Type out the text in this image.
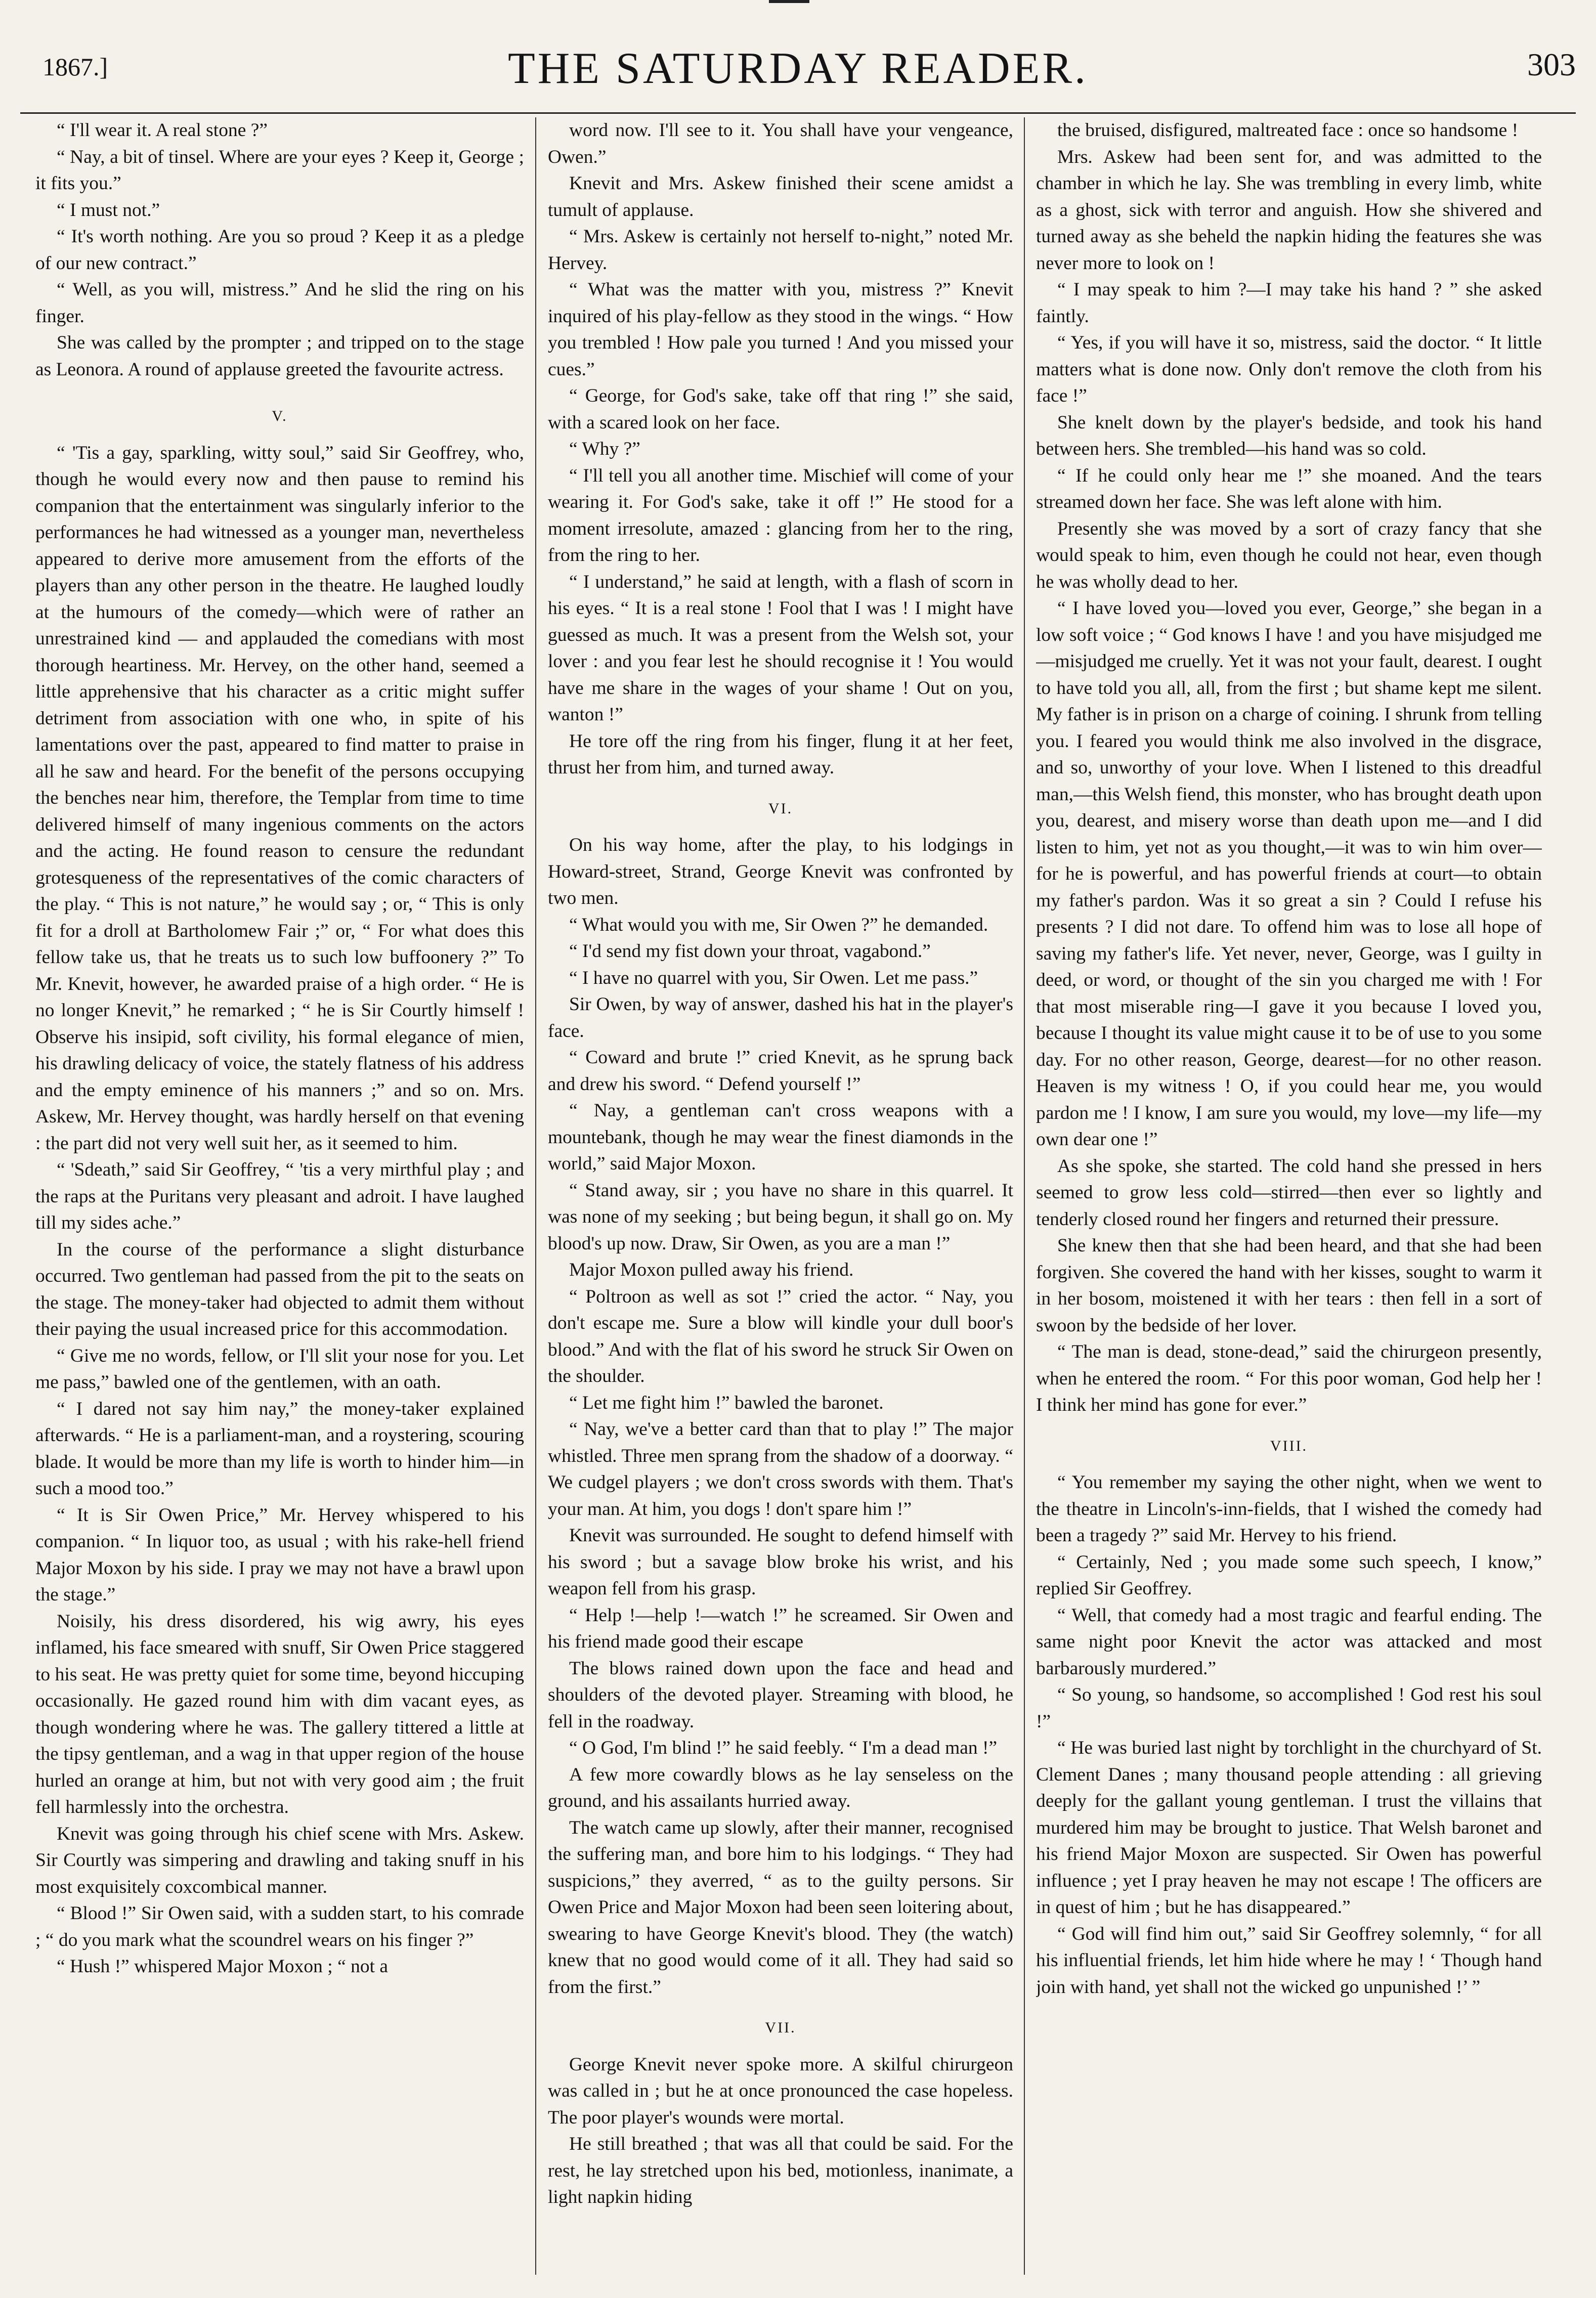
1867.]	THE SATURDAY READER.	303

“ I'll wear it. A real stone ?”

“ Nay, a bit of tinsel. Where are your eyes ? Keep it, George ; it fits you.”

“ I must not.”

“ It's worth nothing. Are you so proud ? Keep it as a pledge of our new contract.”

“ Well, as you will, mistress.” And he slid the ring on his finger.

She was called by the prompter ; and tripped on to the stage as Leonora. A round of applause greeted the favourite actress.

V.

“ 'Tis a gay, sparkling, witty soul,” said Sir Geoffrey, who, though he would every now and then pause to remind his companion that the entertainment was singularly inferior to the performances he had witnessed as a younger man, nevertheless appeared to derive more amusement from the efforts of the players than any other person in the theatre. He laughed loudly at the humours of the comedy—which were of rather an unrestrained kind — and applauded the comedians with most thorough heartiness. Mr. Hervey, on the other hand, seemed a little apprehensive that his character as a critic might suffer detriment from association with one who, in spite of his lamentations over the past, appeared to find matter to praise in all he saw and heard. For the benefit of the persons occupying the benches near him, therefore, the Templar from time to time delivered himself of many ingenious comments on the actors and the acting. He found reason to censure the redundant grotesqueness of the representatives of the comic characters of the play. “ This is not nature,” he would say ; or, “ This is only fit for a droll at Bartholomew Fair ;” or, “ For what does this fellow take us, that he treats us to such low buffoonery ?” To Mr. Knevit, however, he awarded praise of a high order. “ He is no longer Knevit,” he remarked ; “ he is Sir Courtly himself ! Observe his insipid, soft civility, his formal elegance of mien, his drawling delicacy of voice, the stately flatness of his address and the empty eminence of his manners ;” and so on. Mrs. Askew, Mr. Hervey thought, was hardly herself on that evening : the part did not very well suit her, as it seemed to him.

“ 'Sdeath,” said Sir Geoffrey, “ 'tis a very mirthful play ; and the raps at the Puritans very pleasant and adroit. I have laughed till my sides ache.”

In the course of the performance a slight disturbance occurred. Two gentleman had passed from the pit to the seats on the stage. The money-taker had objected to admit them without their paying the usual increased price for this accommodation.

“ Give me no words, fellow, or I'll slit your nose for you. Let me pass,” bawled one of the gentlemen, with an oath.

“ I dared not say him nay,” the money-taker explained afterwards. “ He is a parliament-man, and a roystering, scouring blade. It would be more than my life is worth to hinder him—in such a mood too.”

“ It is Sir Owen Price,” Mr. Hervey whispered to his companion. “ In liquor too, as usual ; with his rake-hell friend Major Moxon by his side. I pray we may not have a brawl upon the stage.”

Noisily, his dress disordered, his wig awry, his eyes inflamed, his face smeared with snuff, Sir Owen Price staggered to his seat. He was pretty quiet for some time, beyond hiccuping occasionally. He gazed round him with dim vacant eyes, as though wondering where he was. The gallery tittered a little at the tipsy gentleman, and a wag in that upper region of the house hurled an orange at him, but not with very good aim ; the fruit fell harmlessly into the orchestra.

Knevit was going through his chief scene with Mrs. Askew. Sir Courtly was simpering and drawling and taking snuff in his most exquisitely coxcombical manner.

“ Blood !” Sir Owen said, with a sudden start, to his comrade ; “ do you mark what the scoundrel wears on his finger ?”

“ Hush !” whispered Major Moxon ; “ not a

word now. I'll see to it. You shall have your vengeance, Owen.”

Knevit and Mrs. Askew finished their scene amidst a tumult of applause.

“ Mrs. Askew is certainly not herself to-night,” noted Mr. Hervey.

“ What was the matter with you, mistress ?” Knevit inquired of his play-fellow as they stood in the wings. “ How you trembled ! How pale you turned ! And you missed your cues.”

“ George, for God's sake, take off that ring !” she said, with a scared look on her face.

“ Why ?”

“ I'll tell you all another time. Mischief will come of your wearing it. For God's sake, take it off !” He stood for a moment irresolute, amazed : glancing from her to the ring, from the ring to her.

“ I understand,” he said at length, with a flash of scorn in his eyes. “ It is a real stone ! Fool that I was ! I might have guessed as much. It was a present from the Welsh sot, your lover : and you fear lest he should recognise it ! You would have me share in the wages of your shame ! Out on you, wanton !”

He tore off the ring from his finger, flung it at her feet, thrust her from him, and turned away.

VI.

On his way home, after the play, to his lodgings in Howard-street, Strand, George Knevit was confronted by two men.

“ What would you with me, Sir Owen ?” he demanded.

“ I'd send my fist down your throat, vagabond.”

“ I have no quarrel with you, Sir Owen. Let me pass.”

Sir Owen, by way of answer, dashed his hat in the player's face.

“ Coward and brute !” cried Knevit, as he sprung back and drew his sword. “ Defend yourself !”

“ Nay, a gentleman can't cross weapons with a mountebank, though he may wear the finest diamonds in the world,” said Major Moxon.

“ Stand away, sir ; you have no share in this quarrel. It was none of my seeking ; but being begun, it shall go on. My blood's up now. Draw, Sir Owen, as you are a man !”

Major Moxon pulled away his friend.

“ Poltroon as well as sot !” cried the actor. “ Nay, you don't escape me. Sure a blow will kindle your dull boor's blood.” And with the flat of his sword he struck Sir Owen on the shoulder.

“ Let me fight him !” bawled the baronet.

“ Nay, we've a better card than that to play !” The major whistled. Three men sprang from the shadow of a doorway. “ We cudgel players ; we don't cross swords with them. That's your man. At him, you dogs ! don't spare him !”

Knevit was surrounded. He sought to defend himself with his sword ; but a savage blow broke his wrist, and his weapon fell from his grasp.

“ Help !—help !—watch !” he screamed. Sir Owen and his friend made good their escape

The blows rained down upon the face and head and shoulders of the devoted player. Streaming with blood, he fell in the roadway.

“ O God, I'm blind !” he said feebly. “ I'm a dead man !”

A few more cowardly blows as he lay senseless on the ground, and his assailants hurried away.

The watch came up slowly, after their manner, recognised the suffering man, and bore him to his lodgings. “ They had suspicions,” they averred, “ as to the guilty persons. Sir Owen Price and Major Moxon had been seen loitering about, swearing to have George Knevit's blood. They (the watch) knew that no good would come of it all. They had said so from the first.”

VII.

George Knevit never spoke more. A skilful chirurgeon was called in ; but he at once pronounced the case hopeless. The poor player's wounds were mortal.

He still breathed ; that was all that could be said. For the rest, he lay stretched upon his bed, motionless, inanimate, a light napkin hiding

the bruised, disfigured, maltreated face : once so handsome !

Mrs. Askew had been sent for, and was admitted to the chamber in which he lay. She was trembling in every limb, white as a ghost, sick with terror and anguish. How she shivered and turned away as she beheld the napkin hiding the features she was never more to look on !

“ I may speak to him ?—I may take his hand ? ” she asked faintly.

“ Yes, if you will have it so, mistress, said the doctor. “ It little matters what is done now. Only don't remove the cloth from his face !”

She knelt down by the player's bedside, and took his hand between hers. She trembled—his hand was so cold.

“ If he could only hear me !” she moaned. And the tears streamed down her face. She was left alone with him.

Presently she was moved by a sort of crazy fancy that she would speak to him, even though he could not hear, even though he was wholly dead to her.

“ I have loved you—loved you ever, George,” she began in a low soft voice ; “ God knows I have ! and you have misjudged me—misjudged me cruelly. Yet it was not your fault, dearest. I ought to have told you all, all, from the first ; but shame kept me silent. My father is in prison on a charge of coining. I shrunk from telling you. I feared you would think me also involved in the disgrace, and so, unworthy of your love. When I listened to this dreadful man,—this Welsh fiend, this monster, who has brought death upon you, dearest, and misery worse than death upon me—and I did listen to him, yet not as you thought,—it was to win him over—for he is powerful, and has powerful friends at court—to obtain my father's pardon. Was it so great a sin ? Could I refuse his presents ? I did not dare. To offend him was to lose all hope of saving my father's life. Yet never, never, George, was I guilty in deed, or word, or thought of the sin you charged me with ! For that most miserable ring—I gave it you because I loved you, because I thought its value might cause it to be of use to you some day. For no other reason, George, dearest—for no other reason. Heaven is my witness ! O, if you could hear me, you would pardon me ! I know, I am sure you would, my love—my life—my own dear one !”

As she spoke, she started. The cold hand she pressed in hers seemed to grow less cold—stirred—then ever so lightly and tenderly closed round her fingers and returned their pressure.

She knew then that she had been heard, and that she had been forgiven. She covered the hand with her kisses, sought to warm it in her bosom, moistened it with her tears : then fell in a sort of swoon by the bedside of her lover.

“ The man is dead, stone-dead,” said the chirurgeon presently, when he entered the room. “ For this poor woman, God help her ! I think her mind has gone for ever.”

VIII.

“ You remember my saying the other night, when we went to the theatre in Lincoln's-inn-fields, that I wished the comedy had been a tragedy ?” said Mr. Hervey to his friend.

“ Certainly, Ned ; you made some such speech, I know,” replied Sir Geoffrey.

“ Well, that comedy had a most tragic and fearful ending. The same night poor Knevit the actor was attacked and most barbarously murdered.”

“ So young, so handsome, so accomplished ! God rest his soul !”

“ He was buried last night by torchlight in the churchyard of St. Clement Danes ; many thousand people attending : all grieving deeply for the gallant young gentleman. I trust the villains that murdered him may be brought to justice. That Welsh baronet and his friend Major Moxon are suspected. Sir Owen has powerful influence ; yet I pray heaven he may not escape ! The officers are in quest of him ; but he has disappeared.”

“ God will find him out,” said Sir Geoffrey solemnly, “ for all his influential friends, let him hide where he may ! ‘ Though hand join with hand, yet shall not the wicked go unpunished !’ ”
